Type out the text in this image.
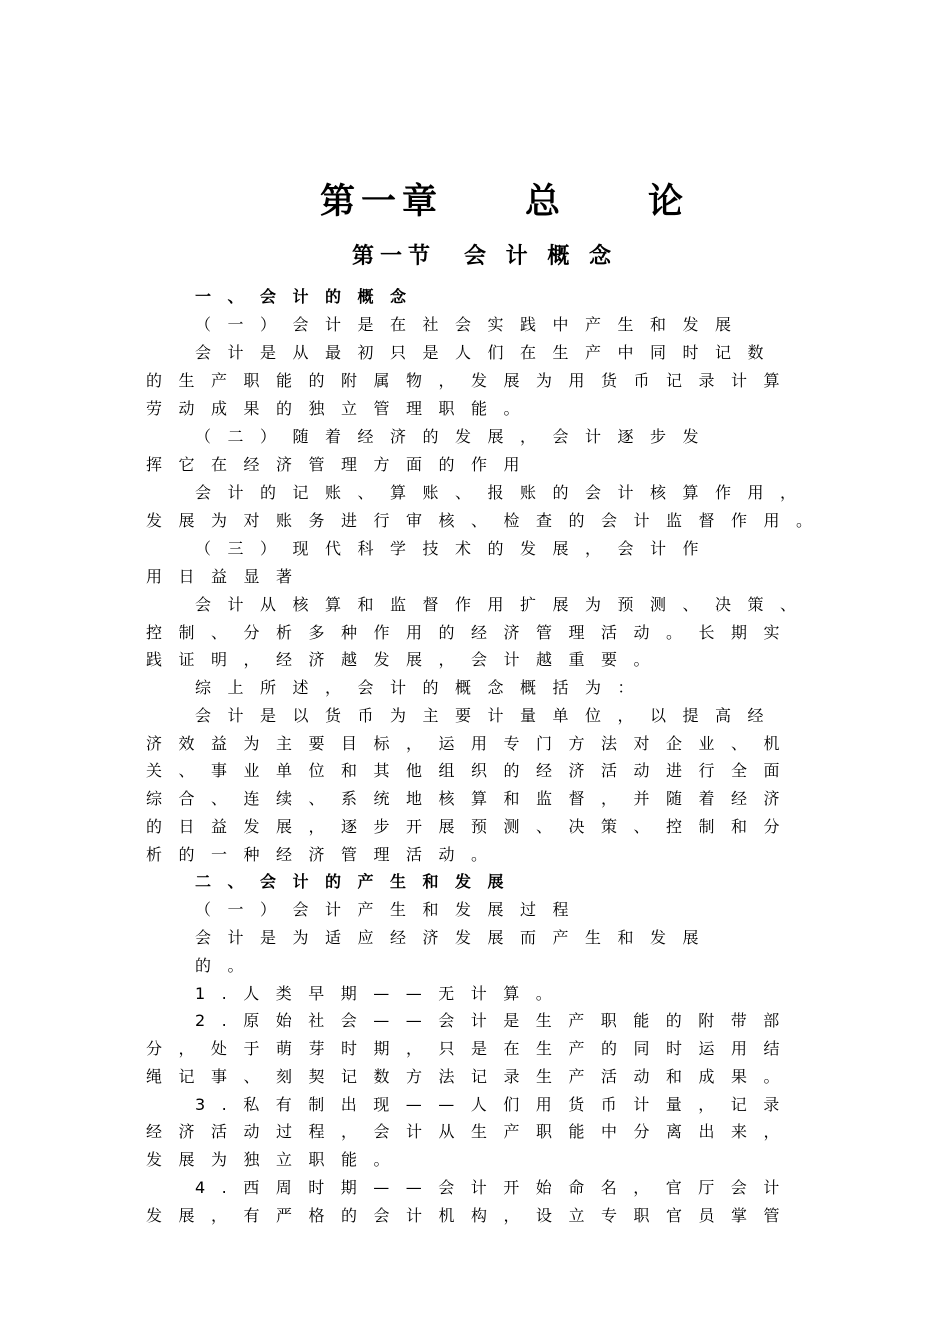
第一章　　总　　论
第一节　会 计 概 念
一、会计的概念
（一）会计是在社会实践中产生和发展
会计是从最初只是人们在生产中同时记数
的生产职能的附属物，发展为用货币记录计算
劳动成果的独立管理职能。
（二）随着经济的发展，会计逐步发
挥它在经济管理方面的作用
会计的记账、算账、报账的会计核算作用，
发展为对账务进行审核、检查的会计监督作用。
（三）现代科学技术的发展，会计作
用日益显著
会计从核算和监督作用扩展为预测、决策、
控制、分析多种作用的经济管理活动。长期实
践证明，经济越发展，会计越重要。
综上所述，会计的概念概括为：
会计是以货币为主要计量单位，以提高经
济效益为主要目标，运用专门方法对企业、机
关、事业单位和其他组织的经济活动进行全面
综合、连续、系统地核算和监督，并随着经济
的日益发展，逐步开展预测、决策、控制和分
析的一种经济管理活动。
二、会计的产生和发展
（一）会计产生和发展过程
会计是为适应经济发展而产生和发展
的。
1.人类早期——无计算。
2.原始社会——会计是生产职能的附带部
分，处于萌芽时期，只是在生产的同时运用结
绳记事、刻契记数方法记录生产活动和成果。
3.私有制出现——人们用货币计量，记录
经济活动过程，会计从生产职能中分离出来，
发展为独立职能。
4.西周时期——会计开始命名，官厅会计
发展，有严格的会计机构，设立专职官员掌管
